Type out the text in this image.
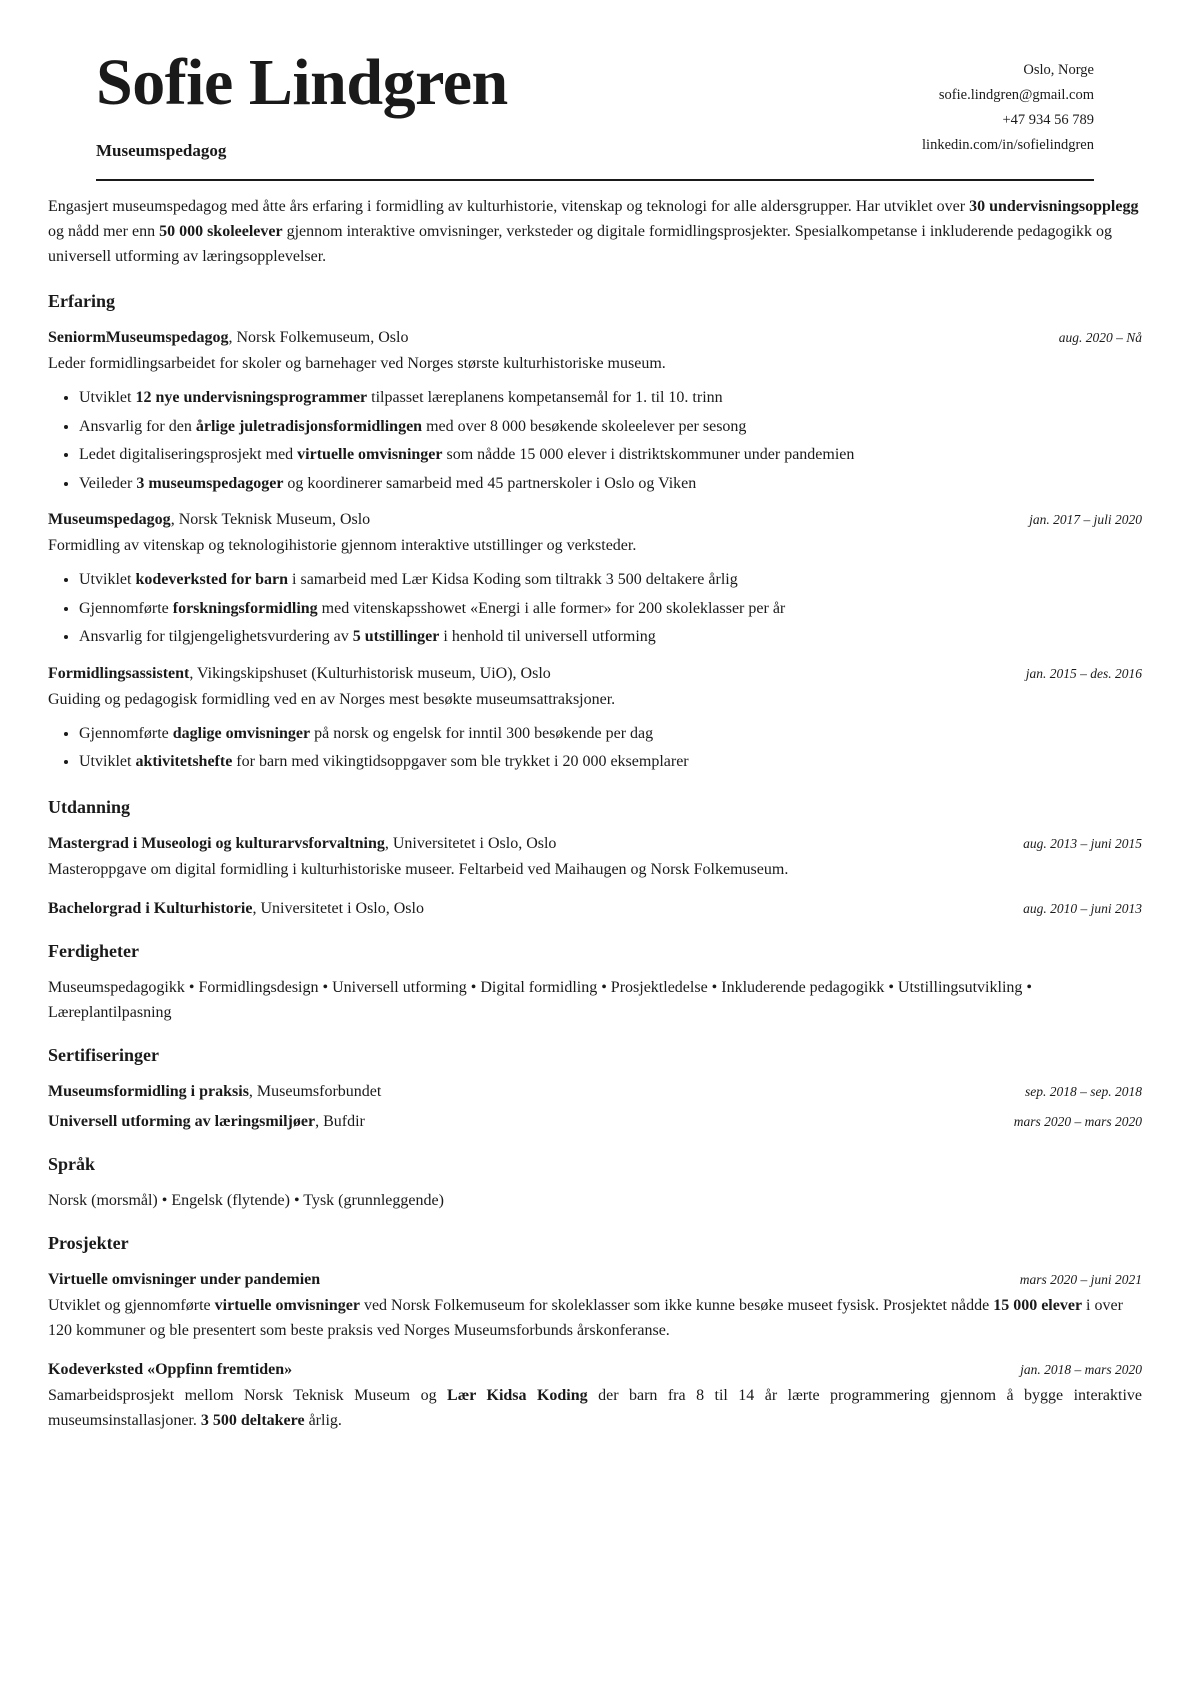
Sofie Lindgren
Museumspedagog
Oslo, Norge
sofie.lindgren@gmail.com
+47 934 56 789
linkedin.com/in/sofielindgren

Engasjert museumspedagog med åtte års erfaring i formidling av kulturhistorie, vitenskap og teknologi for alle aldersgrupper. Har utviklet over 30 undervisningsopplegg og nådd mer enn 50 000 skoleelever gjennom interaktive omvisninger, verksteder og digitale formidlingsprosjekter. Spesialkompetanse i inkluderende pedagogikk og universell utforming av læringsopplevelser.

Erfaring
SeniormMuseumspedagog, Norsk Folkemuseum, Oslo	aug. 2020 – Nå
Leder formidlingsarbeidet for skoler og barnehager ved Norges største kulturhistoriske museum.
• Utviklet 12 nye undervisningsprogrammer tilpasset læreplanens kompetansemål for 1. til 10. trinn
• Ansvarlig for den årlige juletradisjonsformidlingen med over 8 000 besøkende skoleelever per sesong
• Ledet digitaliseringsprosjekt med virtuelle omvisninger som nådde 15 000 elever i distriktskommuner under pandemien
• Veileder 3 museumspedagoger og koordinerer samarbeid med 45 partnerskoler i Oslo og Viken
Museumspedagog, Norsk Teknisk Museum, Oslo	jan. 2017 – juli 2020
Formidling av vitenskap og teknologihistorie gjennom interaktive utstillinger og verksteder.
• Utviklet kodeverksted for barn i samarbeid med Lær Kidsa Koding som tiltrakk 3 500 deltakere årlig
• Gjennomførte forskningsformidling med vitenskapsshowet «Energi i alle former» for 200 skoleklasser per år
• Ansvarlig for tilgjengelighetsvurdering av 5 utstillinger i henhold til universell utforming
Formidlingsassistent, Vikingskipshuset (Kulturhistorisk museum, UiO), Oslo	jan. 2015 – des. 2016
Guiding og pedagogisk formidling ved en av Norges mest besøkte museumsattraksjoner.
• Gjennomførte daglige omvisninger på norsk og engelsk for inntil 300 besøkende per dag
• Utviklet aktivitetshefte for barn med vikingtidsoppgaver som ble trykket i 20 000 eksemplarer
Utdanning
Mastergrad i Museologi og kulturarvsforvaltning, Universitetet i Oslo, Oslo	aug. 2013 – juni 2015
Masteroppgave om digital formidling i kulturhistoriske museer. Feltarbeid ved Maihaugen og Norsk Folkemuseum.
Bachelorgrad i Kulturhistorie, Universitetet i Oslo, Oslo	aug. 2010 – juni 2013
Ferdigheter
Museumspedagogikk • Formidlingsdesign • Universell utforming • Digital formidling • Prosjektledelse • Inkluderende pedagogikk • Utstillingsutvikling • Læreplantilpasning
Sertifiseringer
Museumsformidling i praksis, Museumsforbundet	sep. 2018 – sep. 2018
Universell utforming av læringsmiljøer, Bufdir	mars 2020 – mars 2020
Språk
Norsk (morsmål) • Engelsk (flytende) • Tysk (grunnleggende)
Prosjekter
Virtuelle omvisninger under pandemien	mars 2020 – juni 2021
Utviklet og gjennomførte virtuelle omvisninger ved Norsk Folkemuseum for skoleklasser som ikke kunne besøke museet fysisk. Prosjektet nådde 15 000 elever i over 120 kommuner og ble presentert som beste praksis ved Norges Museumsforbunds årskonferanse.
Kodeverksted «Oppfinn fremtiden»	jan. 2018 – mars 2020
Samarbeidsprosjekt mellom Norsk Teknisk Museum og Lær Kidsa Koding der barn fra 8 til 14 år lærte programmering gjennom å bygge interaktive museumsinstallasjoner. 3 500 deltakere årlig.
